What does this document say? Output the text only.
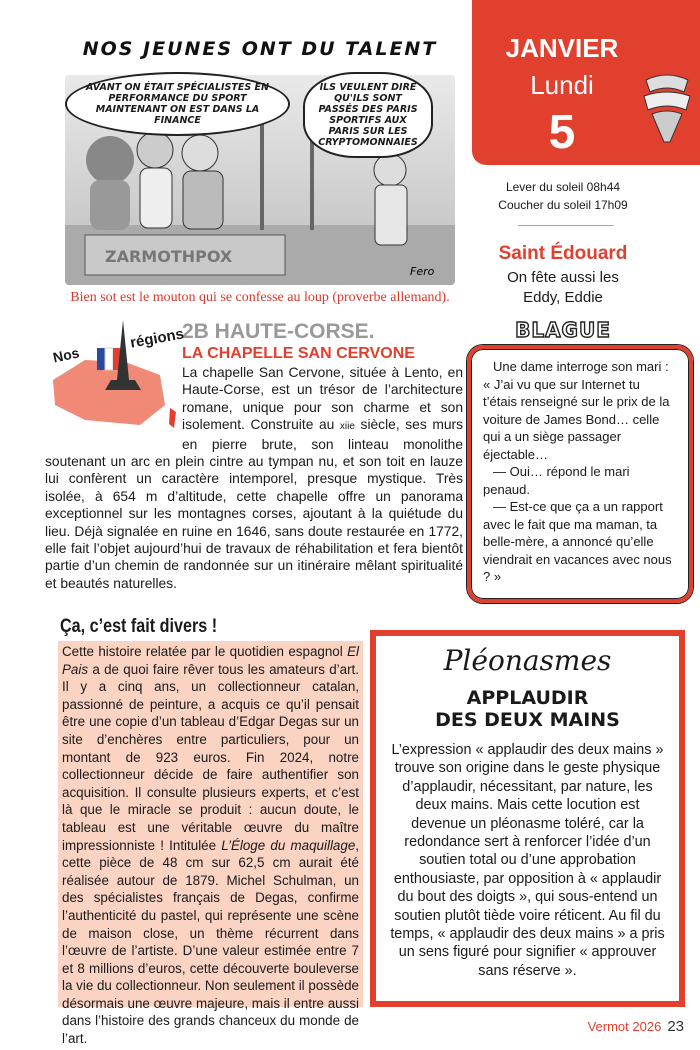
NOS JEUNES ONT DU TALENT
ZARMOTHPOX
Fero
AVANT ON ÉTAIT SPÉCIALISTES EN PERFORMANCE DU SPORT MAINTENANT ON EST DANS LA FINANCE
ILS VEULENT DIRE QU'ILS SONT PASSÉS DES PARIS SPORTIFS AUX PARIS SUR LES CRYPTOMONNAIES
Bien sot est le mouton qui se confesse au loup (proverbe allemand).
JANVIER
Lundi
5
Lever du soleil 08h44
Coucher du soleil 17h09
Saint Édouard
On fête aussi les Eddy, Eddie
BLAGUE

Une dame interroge son mari : « J’ai vu que sur Internet tu t’étais renseigné sur le prix de la voiture de James Bond… celle qui a un siège passager éjectable…

— Oui… répond le mari penaud.

— Est-ce que ça a un rapport avec le fait que ma maman, ta belle-mère, a annoncé qu’elle viendrait en vacances avec nous ? »

Nos
régions
2B HAUTE-CORSE.
LA CHAPELLE SAN CERVONE

La chapelle San Cervone, située à Lento, en Haute-Corse, est un trésor de l’architecture romane, unique pour son charme et son isolement. Construite au xiie siècle, ses murs en pierre brute, son linteau monolithe soutenant un arc en plein cintre au tympan nu, et son toit en lauze lui confèrent un caractère intemporel, presque mystique. Très isolée, à 654 m d’altitude, cette chapelle offre un panorama exceptionnel sur les montagnes corses, ajoutant à la quiétude du lieu. Déjà signalée en ruine en 1646, sans doute restaurée en 1772, elle fait l’objet aujourd’hui de travaux de réhabilitation et fera bientôt partie d’un chemin de randonnée sur un itinéraire mêlant spiritualité et beautés naturelles.

Ça, c’est fait divers !
Cette histoire relatée par le quotidien espagnol El Pais a de quoi faire rêver tous les amateurs d’art. Il y a cinq ans, un collectionneur catalan, passionné de peinture, a acquis ce qu’il pensait être une copie d’un tableau d’Edgar Degas sur un site d’enchères entre particuliers, pour un montant de 923 euros. Fin 2024, notre collectionneur décide de faire authentifier son acquisition. Il consulte plusieurs experts, et c’est là que le miracle se produit : aucun doute, le tableau est une véritable œuvre du maître impressionniste ! Intitulée L’Éloge du maquillage, cette pièce de 48 cm sur 62,5 cm aurait été réalisée autour de 1879. Michel Schulman, un des spécialistes français de Degas, confirme l’authenticité du pastel, qui représente une scène de maison close, un thème récurrent dans l’œuvre de l’artiste. D’une valeur estimée entre 7 et 8 millions d’euros, cette découverte bouleverse la vie du collectionneur. Non seulement il possède désormais une œuvre majeure, mais il entre aussi dans l’histoire des grands chanceux du monde de l’art.
Pléonasmes
APPLAUDIR
DES DEUX MAINS
L’expression « applaudir des deux mains » trouve son origine dans le geste physique d’applaudir, nécessitant, par nature, les deux mains. Mais cette locution est devenue un pléonasme toléré, car la redondance sert à renforcer l’idée d’un soutien total ou d’une approbation enthousiaste, par opposition à « applaudir du bout des doigts », qui sous-entend un soutien plutôt tiède voire réticent. Au fil du temps, « applaudir des deux mains » a pris un sens figuré pour signifier « approuver sans réserve ».
Vermot 2026 23
